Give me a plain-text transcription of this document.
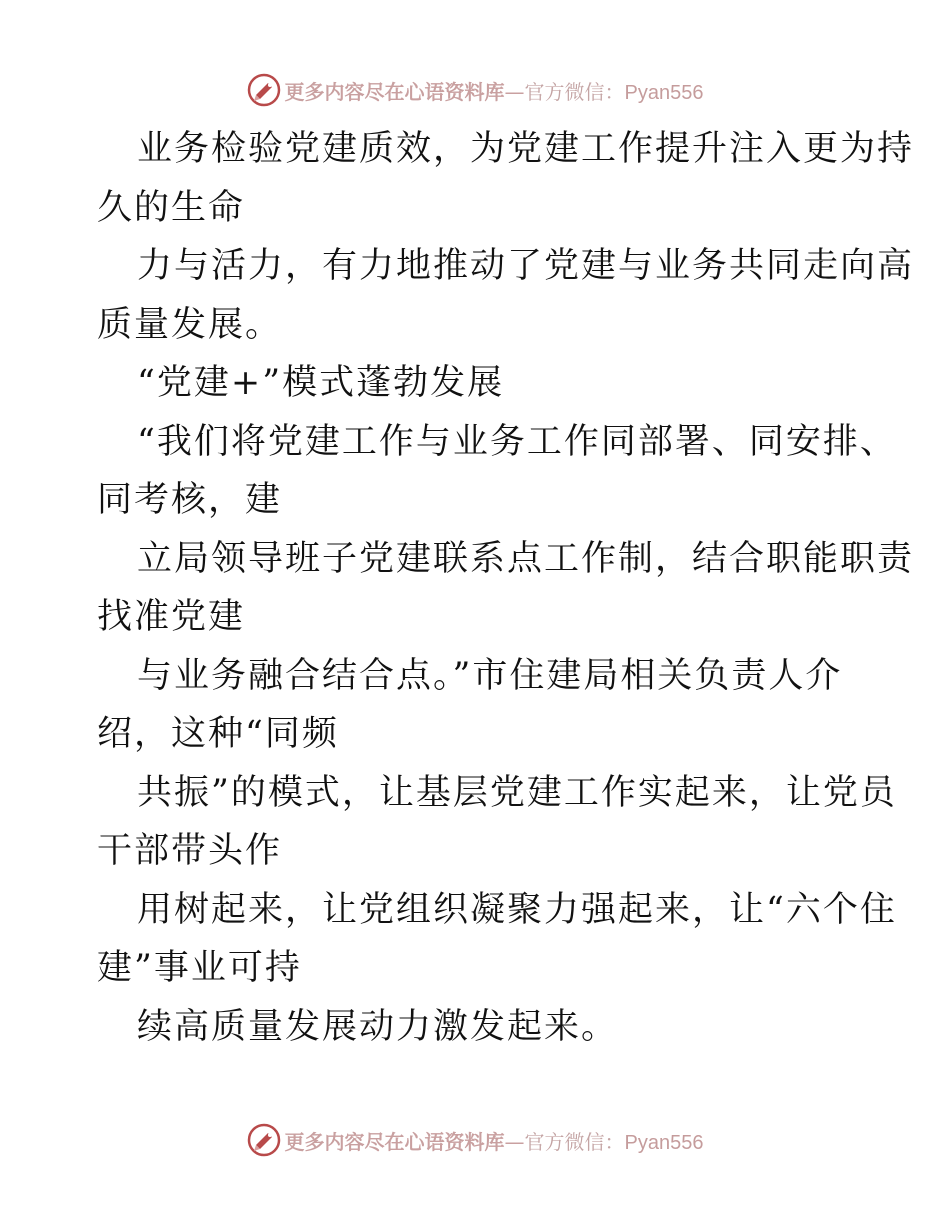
更多内容尽在心语资料库—官方微信：Pyan556
业务检验党建质效，为党建工作提升注入更为持
久的生命
力与活力，有力地推动了党建与业务共同走向高
质量发展。
“党建+”模式蓬勃发展
“我们将党建工作与业务工作同部署、同安排、
同考核，建
立局领导班子党建联系点工作制，结合职能职责
找准党建
与业务融合结合点。”市住建局相关负责人介
绍，这种“同频
共振”的模式，让基层党建工作实起来，让党员
干部带头作
用树起来，让党组织凝聚力强起来，让“六个住
建”事业可持
续高质量发展动力激发起来。
更多内容尽在心语资料库—官方微信：Pyan556
